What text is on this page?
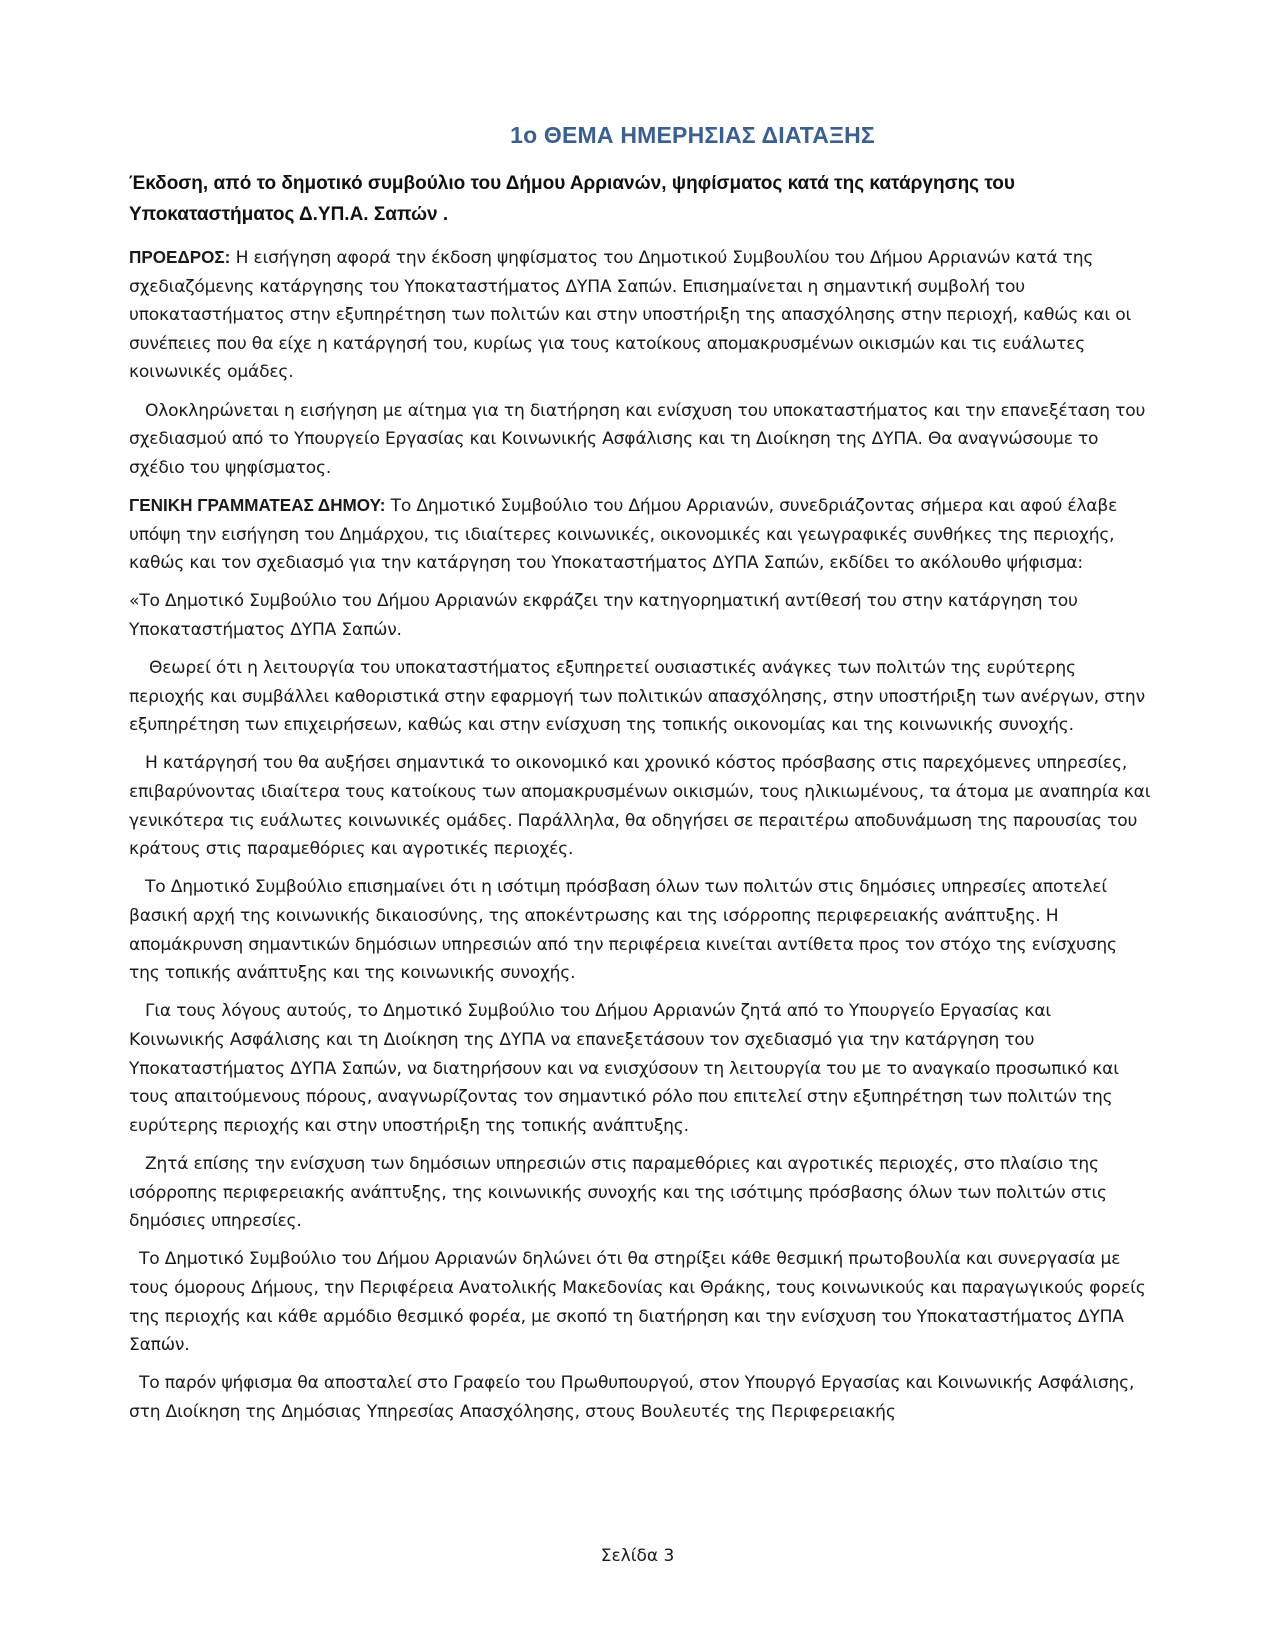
1ο ΘΕΜΑ ΗΜΕΡΗΣΙΑΣ ΔΙΑΤΑΞΗΣ
Έκδοση, από το δημοτικό συμβούλιο του Δήμου Αρριανών, ψηφίσματος κατά της κατάργησης του
Υποκαταστήματος Δ.ΥΠ.Α. Σαπών .

ΠΡΟΕΔΡΟΣ: Η εισήγηση αφορά την έκδοση ψηφίσματος του Δημοτικού Συμβουλίου του Δήμου Αρριανών κατά της σχεδιαζόμενης κατάργησης του Υποκαταστήματος ΔΥΠΑ Σαπών. Επισημαίνεται η σημαντική συμβολή του υποκαταστήματος στην εξυπηρέτηση των πολιτών και στην υποστήριξη της απασχόλησης στην περιοχή, καθώς και οι συνέπειες που θα είχε η κατάργησή του, κυρίως για τους κατοίκους απομακρυσμένων οικισμών και τις ευάλωτες κοινωνικές ομάδες.

Ολοκληρώνεται η εισήγηση με αίτημα για τη διατήρηση και ενίσχυση του υποκαταστήματος και την επανεξέταση του σχεδιασμού από το Υπουργείο Εργασίας και Κοινωνικής Ασφάλισης και τη Διοίκηση της ΔΥΠΑ. Θα αναγνώσουμε το σχέδιο του ψηφίσματος.

ΓΕΝΙΚΗ ΓΡΑΜΜΑΤΕΑΣ ΔΗΜΟΥ: Το Δημοτικό Συμβούλιο του Δήμου Αρριανών, συνεδριάζοντας σήμερα και αφού έλαβε υπόψη την εισήγηση του Δημάρχου, τις ιδιαίτερες κοινωνικές, οικονομικές και γεωγραφικές συνθήκες της περιοχής, καθώς και τον σχεδιασμό για την κατάργηση του Υποκαταστήματος ΔΥΠΑ Σαπών, εκδίδει το ακόλουθο ψήφισμα:

«Το Δημοτικό Συμβούλιο του Δήμου Αρριανών εκφράζει την κατηγορηματική αντίθεσή του στην κατάργηση του Υποκαταστήματος ΔΥΠΑ Σαπών.

Θεωρεί ότι η λειτουργία του υποκαταστήματος εξυπηρετεί ουσιαστικές ανάγκες των πολιτών της ευρύτερης περιοχής και συμβάλλει καθοριστικά στην εφαρμογή των πολιτικών απασχόλησης, στην υποστήριξη των ανέργων, στην εξυπηρέτηση των επιχειρήσεων, καθώς και στην ενίσχυση της τοπικής οικονομίας και της κοινωνικής συνοχής.

Η κατάργησή του θα αυξήσει σημαντικά το οικονομικό και χρονικό κόστος πρόσβασης στις παρεχόμενες υπηρεσίες, επιβαρύνοντας ιδιαίτερα τους κατοίκους των απομακρυσμένων οικισμών, τους ηλικιωμένους, τα άτομα με αναπηρία και γενικότερα τις ευάλωτες κοινωνικές ομάδες. Παράλληλα, θα οδηγήσει σε περαιτέρω αποδυνάμωση της παρουσίας του κράτους στις παραμεθόριες και αγροτικές περιοχές.

Το Δημοτικό Συμβούλιο επισημαίνει ότι η ισότιμη πρόσβαση όλων των πολιτών στις δημόσιες υπηρεσίες αποτελεί βασική αρχή της κοινωνικής δικαιοσύνης, της αποκέντρωσης και της ισόρροπης περιφερειακής ανάπτυξης. Η απομάκρυνση σημαντικών δημόσιων υπηρεσιών από την περιφέρεια κινείται αντίθετα προς τον στόχο της ενίσχυσης της τοπικής ανάπτυξης και της κοινωνικής συνοχής.

Για τους λόγους αυτούς, το Δημοτικό Συμβούλιο του Δήμου Αρριανών ζητά από το Υπουργείο Εργασίας και Κοινωνικής Ασφάλισης και τη Διοίκηση της ΔΥΠΑ να επανεξετάσουν τον σχεδιασμό για την κατάργηση του Υποκαταστήματος ΔΥΠΑ Σαπών, να διατηρήσουν και να ενισχύσουν τη λειτουργία του με το αναγκαίο προσωπικό και τους απαιτούμενους πόρους, αναγνωρίζοντας τον σημαντικό ρόλο που επιτελεί στην εξυπηρέτηση των πολιτών της ευρύτερης περιοχής και στην υποστήριξη της τοπικής ανάπτυξης.

Ζητά επίσης την ενίσχυση των δημόσιων υπηρεσιών στις παραμεθόριες και αγροτικές περιοχές, στο πλαίσιο της ισόρροπης περιφερειακής ανάπτυξης, της κοινωνικής συνοχής και της ισότιμης πρόσβασης όλων των πολιτών στις δημόσιες υπηρεσίες.

Το Δημοτικό Συμβούλιο του Δήμου Αρριανών δηλώνει ότι θα στηρίξει κάθε θεσμική πρωτοβουλία και συνεργασία με τους όμορους Δήμους, την Περιφέρεια Ανατολικής Μακεδονίας και Θράκης, τους κοινωνικούς και παραγωγικούς φορείς της περιοχής και κάθε αρμόδιο θεσμικό φορέα, με σκοπό τη διατήρηση και την ενίσχυση του Υποκαταστήματος ΔΥΠΑ Σαπών.

Το παρόν ψήφισμα θα αποσταλεί στο Γραφείο του Πρωθυπουργού, στον Υπουργό Εργασίας και Κοινωνικής Ασφάλισης, στη Διοίκηση της Δημόσιας Υπηρεσίας Απασχόλησης, στους Βουλευτές της Περιφερειακής

Σελίδα 3
